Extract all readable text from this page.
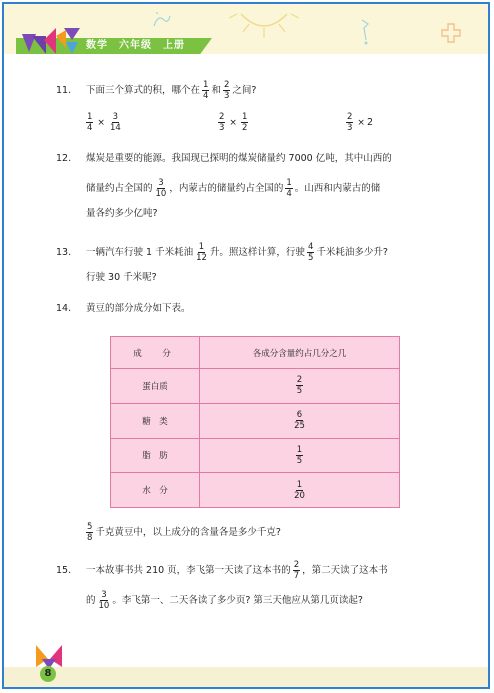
数学　六年级　上册
11.	下面三个算式的积，哪个在 $\frac{1}{4}$ 和 $\frac{2}{3}$ 之间?
$\frac{1}{4} \times \frac{3}{14}$	$\frac{2}{3} \times \frac{1}{2}$	$\frac{2}{3} \times 2$
12.	煤炭是重要的能源。我国现已探明的煤炭储量约 7000 亿吨，其中山西的
储量约占全国的 $\frac{3}{10}$ ，内蒙古的储量约占全国的 $\frac{1}{4}$ 。山西和内蒙古的储
量各约多少亿吨?
13.	一辆汽车行驶 1 千米耗油 $\frac{1}{12}$ 升。照这样计算，行驶 $\frac{4}{5}$ 千米耗油多少升?
行驶 30 千米呢?
14.	黄豆的部分成分如下表。
成　分	各成分含量约占几分之几
蛋白质	$\frac{2}{5}$

糖　类	$\frac{6}{25}$

脂　肪	$\frac{1}{5}$

水　分	$\frac{1}{20}$
$\frac{5}{8}$ 千克黄豆中，以上成分的含量各是多少千克?
15.	一本故事书共 210 页，李飞第一天读了这本书的 $\frac{2}{7}$ ，第二天读了这本书
的 $\frac{3}{10}$ 。李飞第一、二天各读了多少页? 第三天他应从第几页读起?
8
